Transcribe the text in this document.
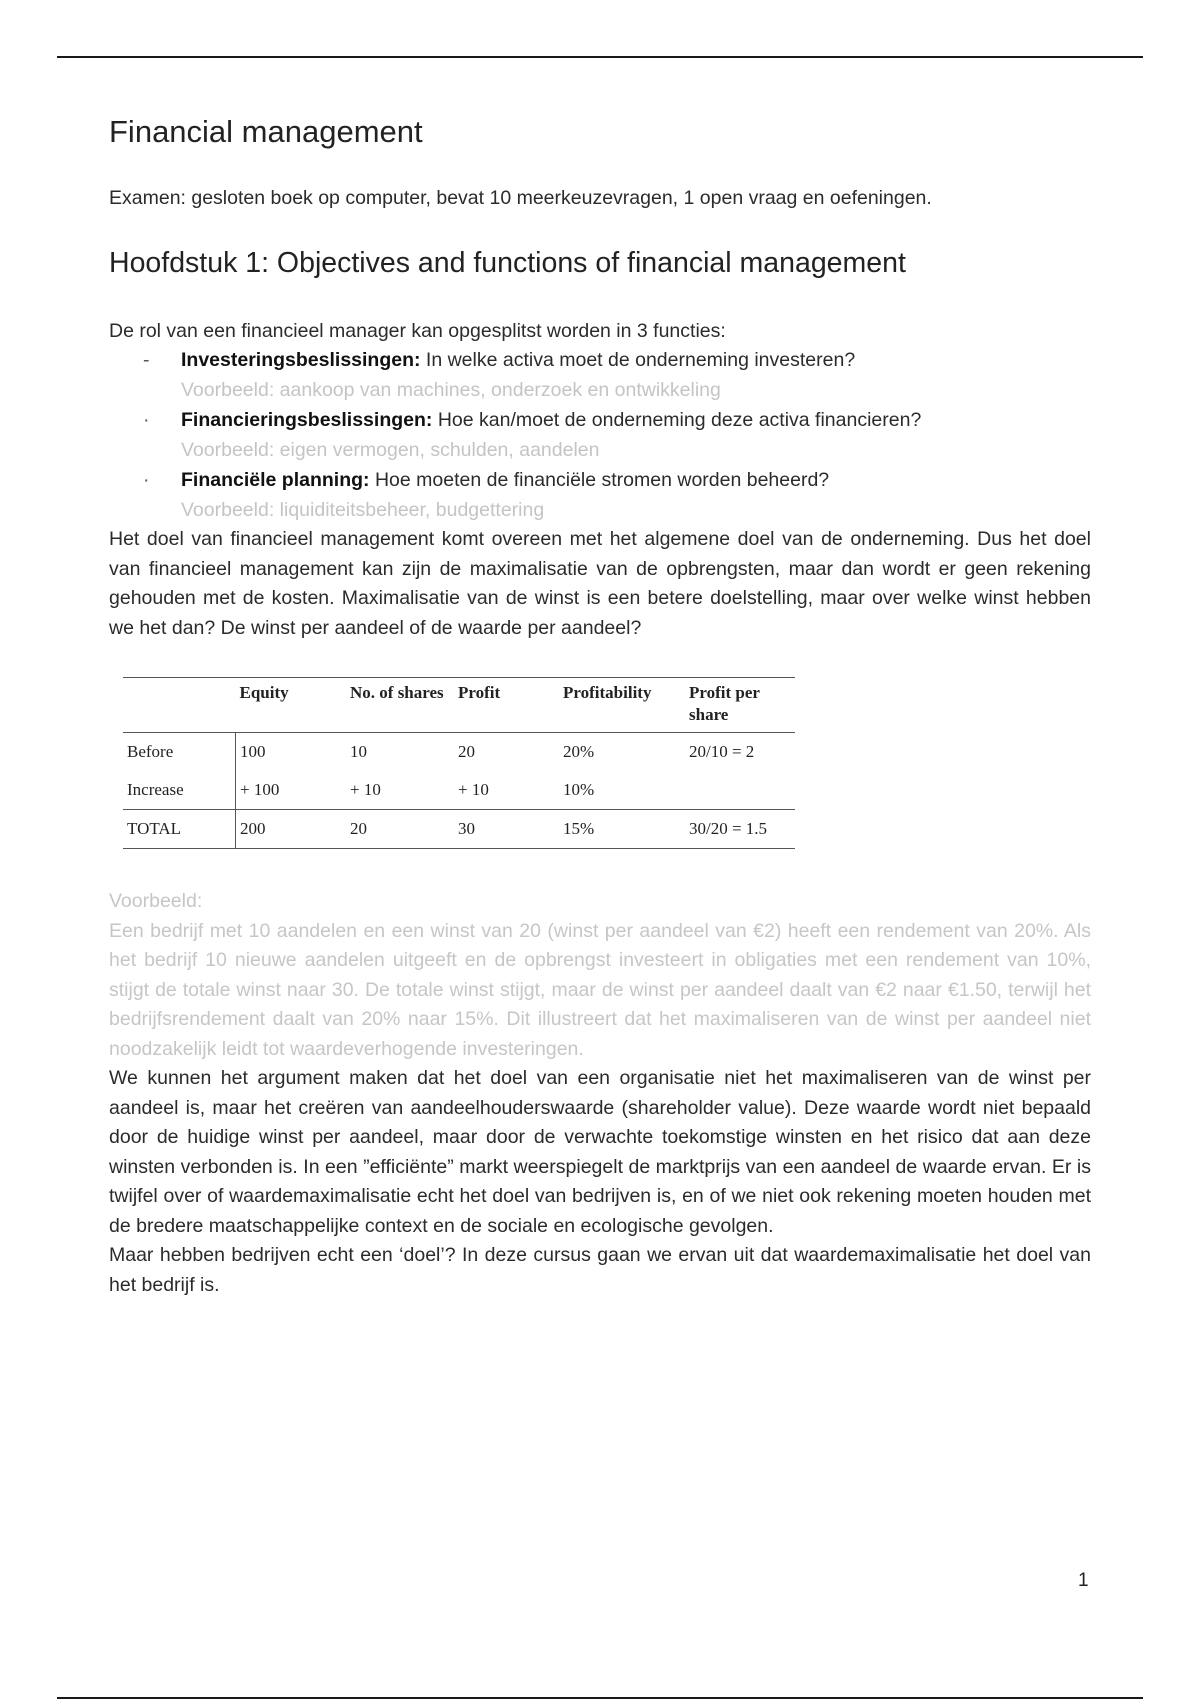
Financial management

Examen: gesloten boek op computer, bevat 10 meerkeuzevragen, 1 open vraag en oefeningen.

Hoofdstuk 1: Objectives and functions of financial management

De rol van een financieel manager kan opgesplitst worden in 3 functies:

- Investeringsbeslissingen: In welke activa moet de onderneming investeren?
Voorbeeld: aankoop van machines, onderzoek en ontwikkeling
· Financieringsbeslissingen: Hoe kan/moet de onderneming deze activa financieren?
Voorbeeld: eigen vermogen, schulden, aandelen
· Financiële planning: Hoe moeten de financiële stromen worden beheerd?
Voorbeeld: liquiditeitsbeheer, budgettering

Het doel van financieel management komt overeen met het algemene doel van de onderneming. Dus het doel van financieel management kan zijn de maximalisatie van de opbrengsten, maar dan wordt er geen rekening gehouden met de kosten. Maximalisatie van de winst is een betere doelstelling, maar over welke winst hebben we het dan? De winst per aandeel of de waarde per aandeel?

	Equity	No. of shares	Profit	Profitability	Profit per share
Before	100	10	20	20%	20/10 = 2
Increase	+ 100	+ 10	+ 10	10%	
TOTAL	200	20	30	15%	30/20 = 1.5

Voorbeeld:

Een bedrijf met 10 aandelen en een winst van 20 (winst per aandeel van €2) heeft een rendement van 20%. Als het bedrijf 10 nieuwe aandelen uitgeeft en de opbrengst investeert in obligaties met een rendement van 10%, stijgt de totale winst naar 30. De totale winst stijgt, maar de winst per aandeel daalt van €2 naar €1.50, terwijl het bedrijfsrendement daalt van 20% naar 15%. Dit illustreert dat het maximaliseren van de winst per aandeel niet noodzakelijk leidt tot waardeverhogende investeringen.

We kunnen het argument maken dat het doel van een organisatie niet het maximaliseren van de winst per aandeel is, maar het creëren van aandeelhouderswaarde (shareholder value). Deze waarde wordt niet bepaald door de huidige winst per aandeel, maar door de verwachte toekomstige winsten en het risico dat aan deze winsten verbonden is. In een ”efficiënte” markt weerspiegelt de marktprijs van een aandeel de waarde ervan. Er is twijfel over of waardemaximalisatie echt het doel van bedrijven is, en of we niet ook rekening moeten houden met de bredere maatschappelijke context en de sociale en ecologische gevolgen.

Maar hebben bedrijven echt een ‘doel’? In deze cursus gaan we ervan uit dat waardemaximalisatie het doel van het bedrijf is.

1
